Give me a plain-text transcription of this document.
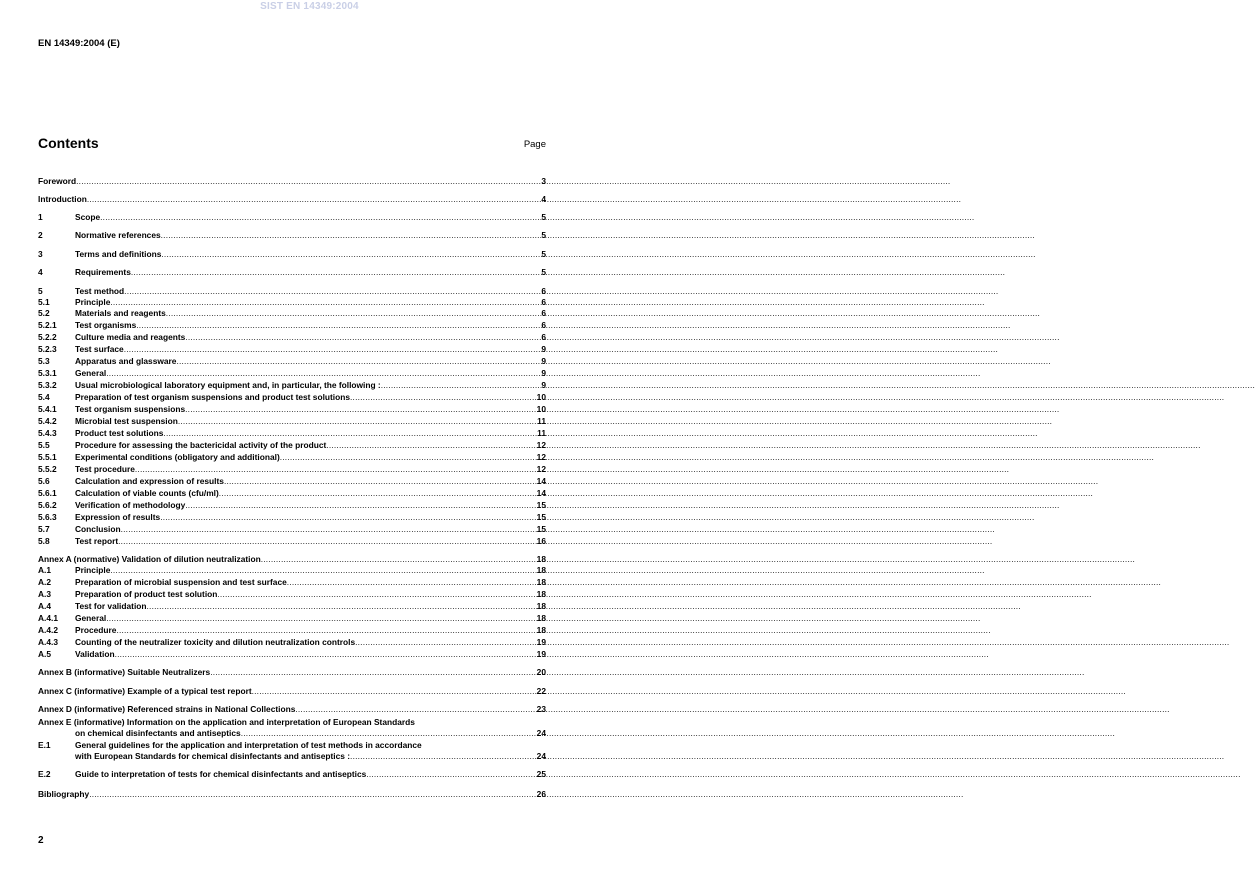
SIST EN 14349:2004
EN 14349:2004 (E)
Contents	Page
Foreword .....	3
Introduction .....	4
1	Scope .....	5
2	Normative references .....	5
3	Terms and definitions .....	5
4	Requirements .....	5
5	Test method .....	6
5.1	Principle .....	6
5.2	Materials and reagents .....	6
5.2.1	Test organisms .....	6
5.2.2	Culture media and reagents .....	6
5.2.3	Test surface .....	9
5.3	Apparatus and glassware .....	9
5.3.1	General .....	9
5.3.2	Usual microbiological laboratory equipment and, in particular, the following : .....	9
5.4	Preparation of test organism suspensions and product test solutions .....	10
5.4.1	Test organism suspensions .....	10
5.4.2	Microbial test suspension .....	11
5.4.3	Product test solutions .....	11
5.5	Procedure for assessing the bactericidal activity of the product .....	12
5.5.1	Experimental conditions (obligatory and additional) .....	12
5.5.2	Test procedure .....	12
5.6	Calculation and expression of results .....	14
5.6.1	Calculation of viable counts (cfu/ml) .....	14
5.6.2	Verification of methodology .....	15
5.6.3	Expression of results .....	15
5.7	Conclusion .....	15
5.8	Test report .....	16
Annex A (normative) Validation of dilution neutralization .....	18
A.1	Principle .....	18
A.2	Preparation of microbial suspension and test surface .....	18
A.3	Preparation of product test solution .....	18
A.4	Test for validation .....	18
A.4.1	General .....	18
A.4.2	Procedure .....	18
A.4.3	Counting of the neutralizer toxicity and dilution neutralization controls .....	19
A.5	Validation .....	19
Annex B (informative) Suitable Neutralizers .....	20
Annex C (informative) Example of a typical test report .....	22
Annex D (informative) Referenced strains in National Collections .....	23
Bibliography .....	26
Annex E (informative) Information on the application and interpretation of European Standards
on chemical disinfectants and antiseptics .....	24
E.1	General guidelines for the application and interpretation of test methods in accordance
with European Standards for chemical disinfectants and antiseptics : .....	24
E.2	Guide to interpretation of tests for chemical disinfectants and antiseptics .....	25
2
